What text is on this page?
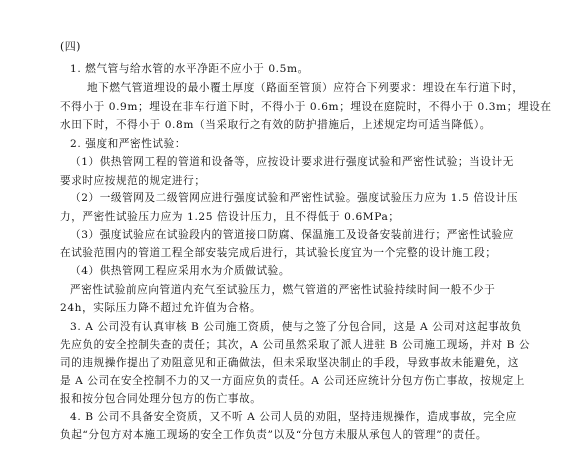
(四)
1. 燃气管与给水管的水平净距不应小于 0.5m。
地下燃气管道埋设的最小覆土厚度（路面至管顶）应符合下列要求：埋设在车行道下时，
不得小于 0.9m；埋设在非车行道下时，不得小于 0.6m；埋设在庭院时，不得小于 0.3m；埋设在
水田下时，不得小于 0.8m（当采取行之有效的防护措施后，上述规定均可适当降低）。
2. 强度和严密性试验：
（1）供热管网工程的管道和设备等，应按设计要求进行强度试验和严密性试验；当设计无
要求时应按规范的规定进行；
（2）一级管网及二级管网应进行强度试验和严密性试验。强度试验压力应为 1.5 倍设计压
力，严密性试验压力应为 1.25 倍设计压力，且不得低于 0.6MPa；
（3）强度试验应在试验段内的管道接口防腐、保温施工及设备安装前进行；严密性试验应
在试验范围内的管道工程全部安装完成后进行，其试验长度宜为一个完整的设计施工段；
（4）供热管网工程应采用水为介质做试验。
严密性试验前应向管道内充气至试验压力，燃气管道的严密性试验持续时间一般不少于
24h，实际压力降不超过允许值为合格。
3. A 公司没有认真审核 B 公司施工资质，使与之签了分包合同，这是 A 公司对这起事故负
先应负的安全控制失查的责任；其次，A 公司虽然采取了派人进驻 B 公司施工现场，并对 B 公
司的违规操作提出了劝阻意见和正确做法，但未采取坚决制止的手段，导致事故未能避免，这
是 A 公司在安全控制不力的又一方面应负的责任。A 公司还应统计分包方伤亡事故，按规定上
报和按分包合同处理分包方的伤亡事故。
4. B 公司不具备安全资质，又不听 A 公司人员的劝阻，坚持违规操作，造成事故，完全应
负起“分包方对本施工现场的安全工作负责”以及“分包方未服从承包人的管理”的责任。
